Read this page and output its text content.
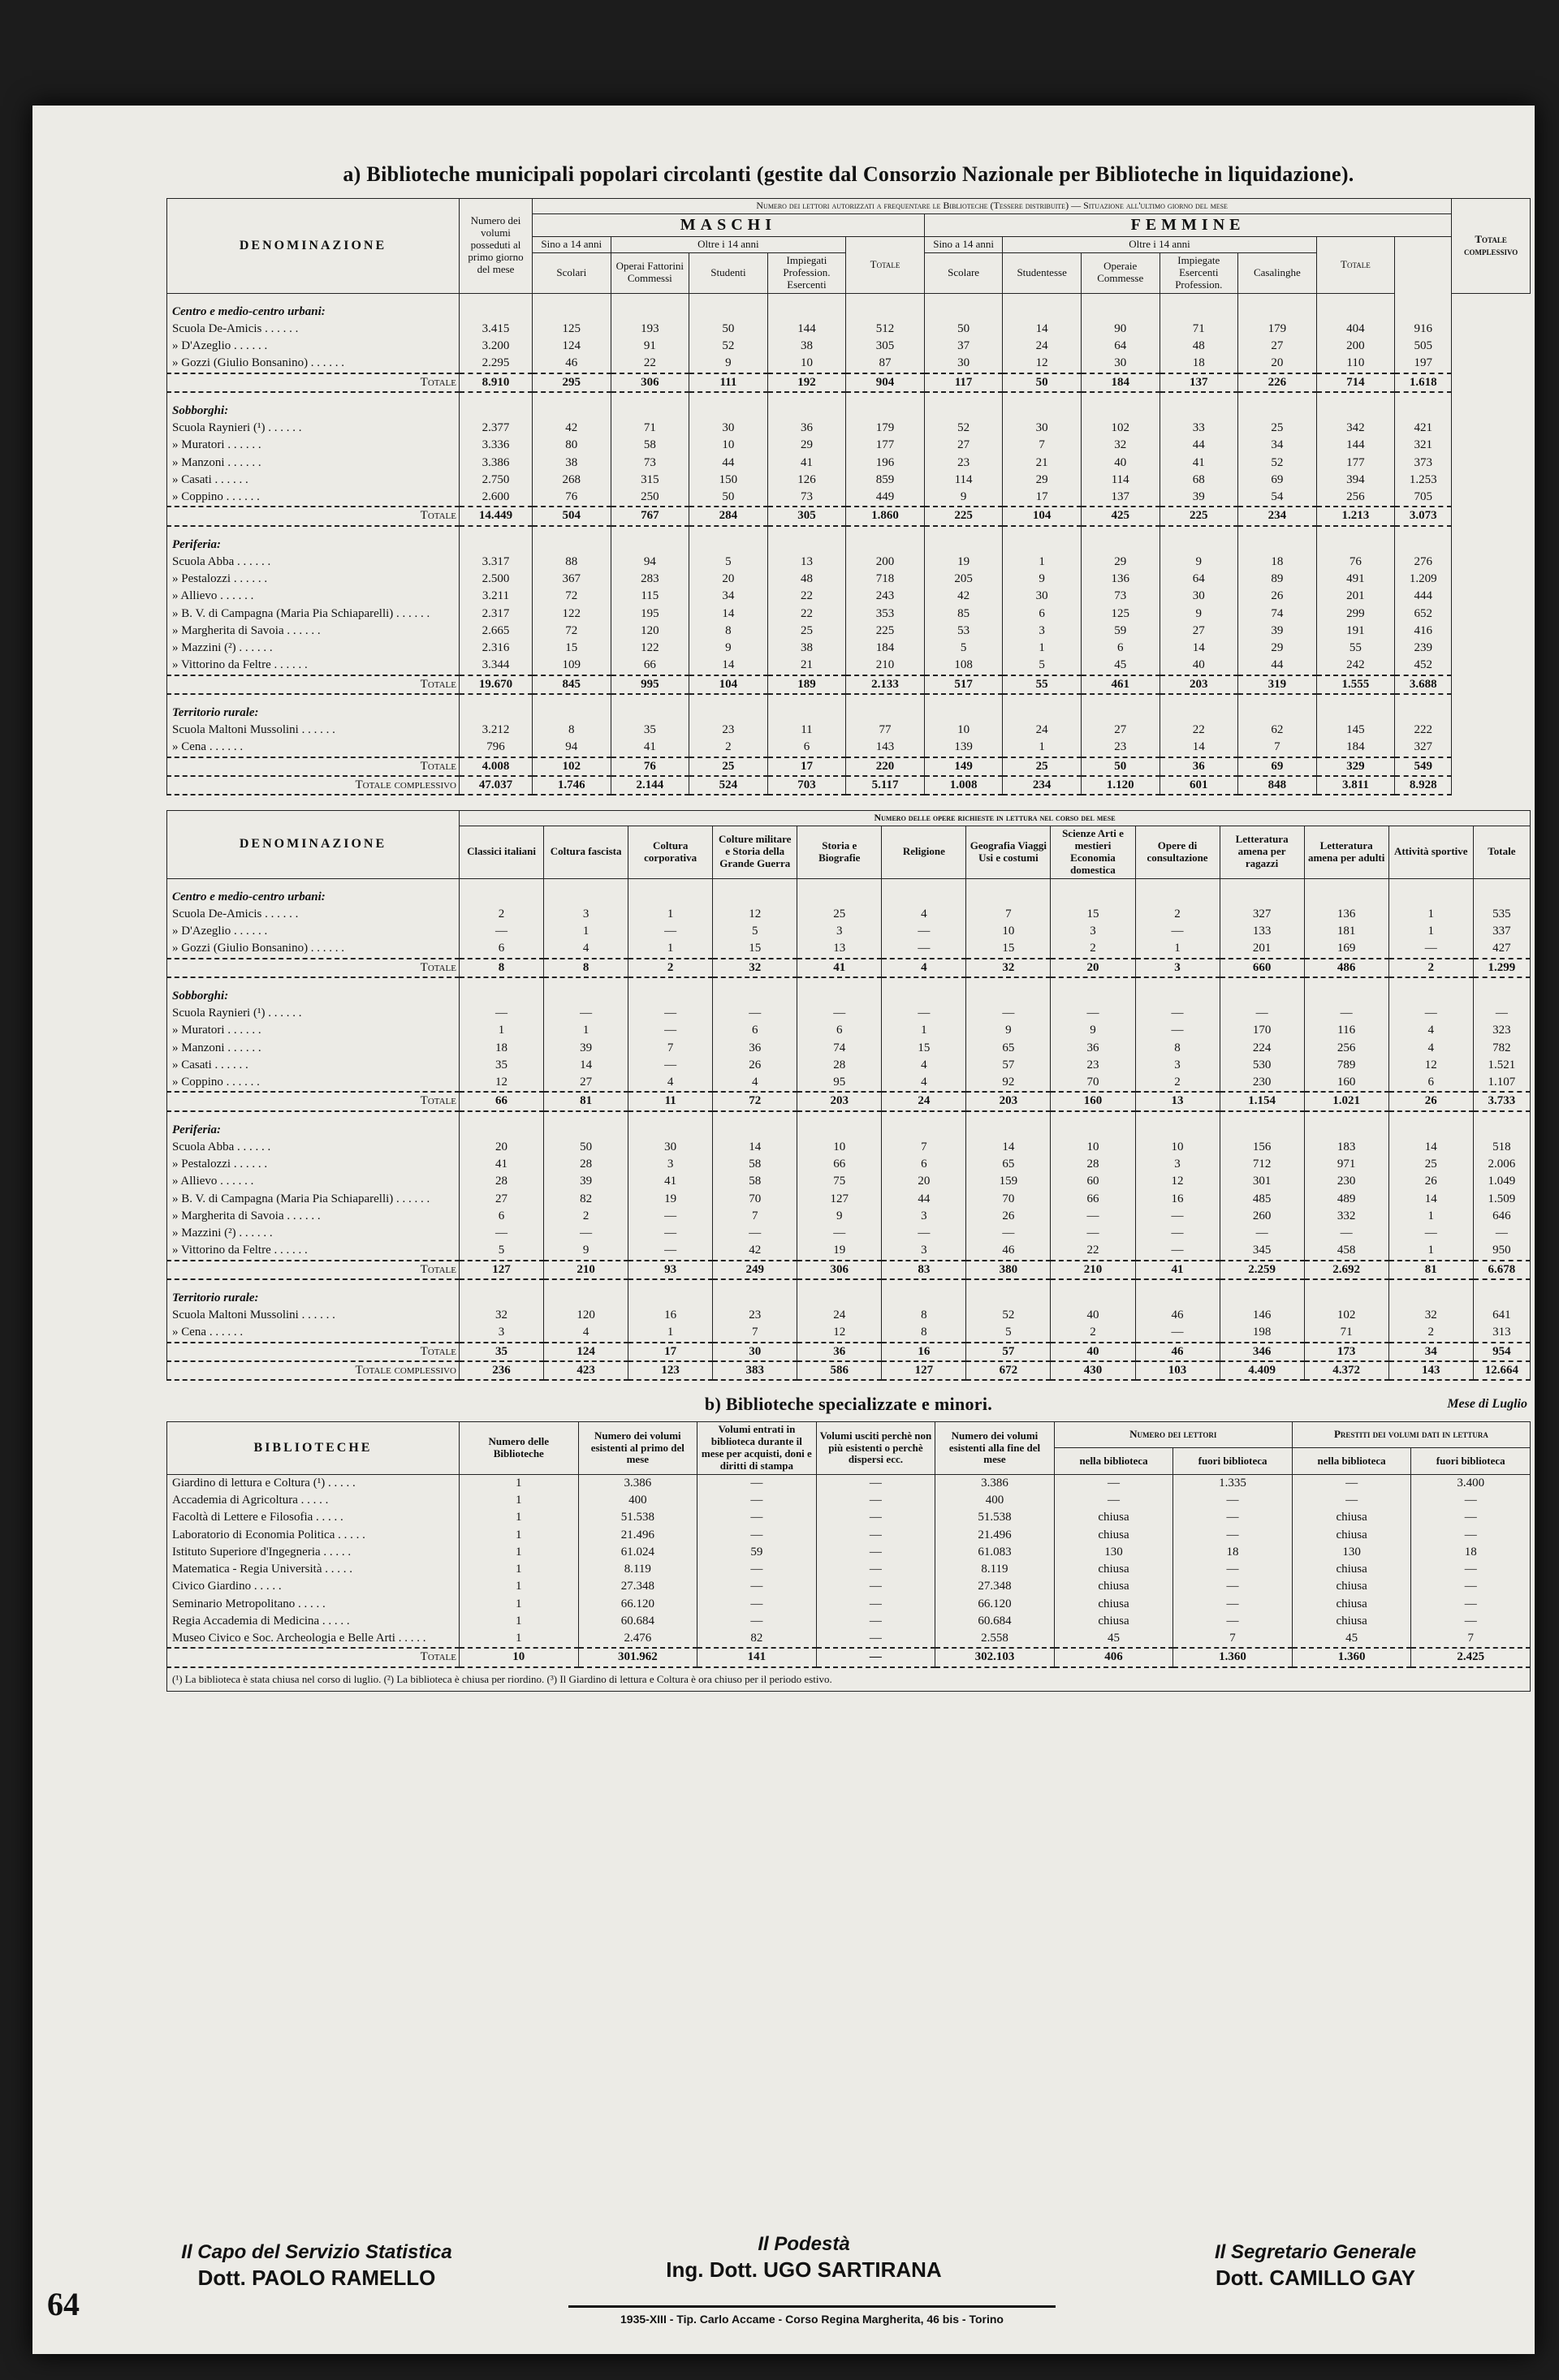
a) Biblioteche municipali popolari circolanti (gestite dal Consorzio Nazionale per Biblioteche in liquidazione).
DENOMINAZIONE	Numero dei volumi posseduti al primo giorno del mese	Numero dei lettori autorizzati a frequentare le Biblioteche (Tessere distribuite) — Situazione all'ultimo giorno del mese												Totale complessivo
		MASCHI					FEMMINE							
		Sino a 14 anni	Oltre i 14 anni			Totale	Sino a 14 anni	Oltre i 14 anni				Totale		
		Scolari	Operai Fattorini Commessi	Studenti	Impiegati Profession. Esercenti		Scolare	Studentesse	Operaie Commesse	Impiegate Esercenti Profession.	Casalinghe			
Centro e medio-centro urbani:														
Scuola De-Amicis . . . . . .	3.415	125	193	50	144	512	50	14	90	71	179	404	916	
» D'Azeglio . . . . . .	3.200	124	91	52	38	305	37	24	64	48	27	200	505	
» Gozzi (Giulio Bonsanino) . . . . . .	2.295	46	22	9	10	87	30	12	30	18	20	110	197	
Totale	8.910	295	306	111	192	904	117	50	184	137	226	714	1.618	
Sobborghi:														
Scuola Raynieri (¹) . . . . . .	2.377	42	71	30	36	179	52	30	102	33	25	342	421	
» Muratori . . . . . .	3.336	80	58	10	29	177	27	7	32	44	34	144	321	
» Manzoni . . . . . .	3.386	38	73	44	41	196	23	21	40	41	52	177	373	
» Casati . . . . . .	2.750	268	315	150	126	859	114	29	114	68	69	394	1.253	
» Coppino . . . . . .	2.600	76	250	50	73	449	9	17	137	39	54	256	705	
Totale	14.449	504	767	284	305	1.860	225	104	425	225	234	1.213	3.073	
Periferia:														
Scuola Abba . . . . . .	3.317	88	94	5	13	200	19	1	29	9	18	76	276	
» Pestalozzi . . . . . .	2.500	367	283	20	48	718	205	9	136	64	89	491	1.209	
» Allievo . . . . . .	3.211	72	115	34	22	243	42	30	73	30	26	201	444	
» B. V. di Campagna (Maria Pia Schiaparelli) . . . . . .	2.317	122	195	14	22	353	85	6	125	9	74	299	652	
» Margherita di Savoia . . . . . .	2.665	72	120	8	25	225	53	3	59	27	39	191	416	
» Mazzini (²) . . . . . .	2.316	15	122	9	38	184	5	1	6	14	29	55	239	
» Vittorino da Feltre . . . . . .	3.344	109	66	14	21	210	108	5	45	40	44	242	452	
Totale	19.670	845	995	104	189	2.133	517	55	461	203	319	1.555	3.688	
Territorio rurale:														
Scuola Maltoni Mussolini . . . . . .	3.212	8	35	23	11	77	10	24	27	22	62	145	222	
» Cena . . . . . .	796	94	41	2	6	143	139	1	23	14	7	184	327	
Totale	4.008	102	76	25	17	220	149	25	50	36	69	329	549	
Totale complessivo	47.037	1.746	2.144	524	703	5.117	1.008	234	1.120	601	848	3.811	8.928	
DENOMINAZIONE	Numero delle opere richieste in lettura nel corso del mese												
	Classici italiani	Coltura fascista	Coltura corporativa	Colture militare e Storia della Grande Guerra	Storia e Biografie	Religione	Geografia Viaggi Usi e costumi	Scienze Arti e mestieri Economia domestica	Opere di consultazione	Letteratura amena per ragazzi	Letteratura amena per adulti	Attività sportive	Totale
Centro e medio-centro urbani:													
Scuola De-Amicis . . . . . .	2	3	1	12	25	4	7	15	2	327	136	1	535
» D'Azeglio . . . . . .	—	1	—	5	3	—	10	3	—	133	181	1	337
» Gozzi (Giulio Bonsanino) . . . . . .	6	4	1	15	13	—	15	2	1	201	169	—	427
Totale	8	8	2	32	41	4	32	20	3	660	486	2	1.299
Sobborghi:													
Scuola Raynieri (¹) . . . . . .	—	—	—	—	—	—	—	—	—	—	—	—	—
» Muratori . . . . . .	1	1	—	6	6	1	9	9	—	170	116	4	323
» Manzoni . . . . . .	18	39	7	36	74	15	65	36	8	224	256	4	782
» Casati . . . . . .	35	14	—	26	28	4	57	23	3	530	789	12	1.521
» Coppino . . . . . .	12	27	4	4	95	4	92	70	2	230	160	6	1.107
Totale	66	81	11	72	203	24	203	160	13	1.154	1.021	26	3.733
Periferia:													
Scuola Abba . . . . . .	20	50	30	14	10	7	14	10	10	156	183	14	518
» Pestalozzi . . . . . .	41	28	3	58	66	6	65	28	3	712	971	25	2.006
» Allievo . . . . . .	28	39	41	58	75	20	159	60	12	301	230	26	1.049
» B. V. di Campagna (Maria Pia Schiaparelli) . . . . . .	27	82	19	70	127	44	70	66	16	485	489	14	1.509
» Margherita di Savoia . . . . . .	6	2	—	7	9	3	26	—	—	260	332	1	646
» Mazzini (²) . . . . . .	—	—	—	—	—	—	—	—	—	—	—	—	—
» Vittorino da Feltre . . . . . .	5	9	—	42	19	3	46	22	—	345	458	1	950
Totale	127	210	93	249	306	83	380	210	41	2.259	2.692	81	6.678
Territorio rurale:													
Scuola Maltoni Mussolini . . . . . .	32	120	16	23	24	8	52	40	46	146	102	32	641
» Cena . . . . . .	3	4	1	7	12	8	5	2	—	198	71	2	313
Totale	35	124	17	30	36	16	57	40	46	346	173	34	954
Totale complessivo	236	423	123	383	586	127	672	430	103	4.409	4.372	143	12.664
b) Biblioteche specializzate e minori.	Mese di Luglio
BIBLIOTECHE	Numero delle Biblioteche	Numero dei volumi esistenti al primo del mese	Volumi entrati in biblioteca durante il mese per acquisti, doni e diritti di stampa	Volumi usciti perchè non più esistenti o perchè dispersi ecc.	Numero dei volumi esistenti alla fine del mese	Numero dei lettori		Prestiti dei volumi dati in lettura	
						nella biblioteca	fuori biblioteca	nella biblioteca	fuori biblioteca
Giardino di lettura e Coltura (¹) . . . . .	1	3.386	—	—	3.386	—	1.335	—	3.400
Accademia di Agricoltura . . . . .	1	400	—	—	400	—	—	—	—
Facoltà di Lettere e Filosofia . . . . .	1	51.538	—	—	51.538	chiusa	—	chiusa	—
Laboratorio di Economia Politica . . . . .	1	21.496	—	—	21.496	chiusa	—	chiusa	—
Istituto Superiore d'Ingegneria . . . . .	1	61.024	59	—	61.083	130	18	130	18
Matematica - Regia Università . . . . .	1	8.119	—	—	8.119	chiusa	—	chiusa	—
Civico Giardino . . . . .	1	27.348	—	—	27.348	chiusa	—	chiusa	—
Seminario Metropolitano . . . . .	1	66.120	—	—	66.120	chiusa	—	chiusa	—
Regia Accademia di Medicina . . . . .	1	60.684	—	—	60.684	chiusa	—	chiusa	—
Museo Civico e Soc. Archeologia e Belle Arti . . . . .	1	2.476	82	—	2.558	45	7	45	7
Totale	10	301.962	141	—	302.103	406	1.360	1.360	2.425
(¹) La biblioteca è stata chiusa nel corso di luglio. (²) La biblioteca è chiusa per riordino. (³) Il Giardino di lettura e Coltura è ora chiuso per il periodo estivo.
Il Capo del Servizio Statistica
Dott. PAOLO RAMELLO
Il Podestà
Ing. Dott. UGO SARTIRANA
Il Segretario Generale
Dott. CAMILLO GAY
1935-XIII - Tip. Carlo Accame - Corso Regina Margherita, 46 bis - Torino
64
